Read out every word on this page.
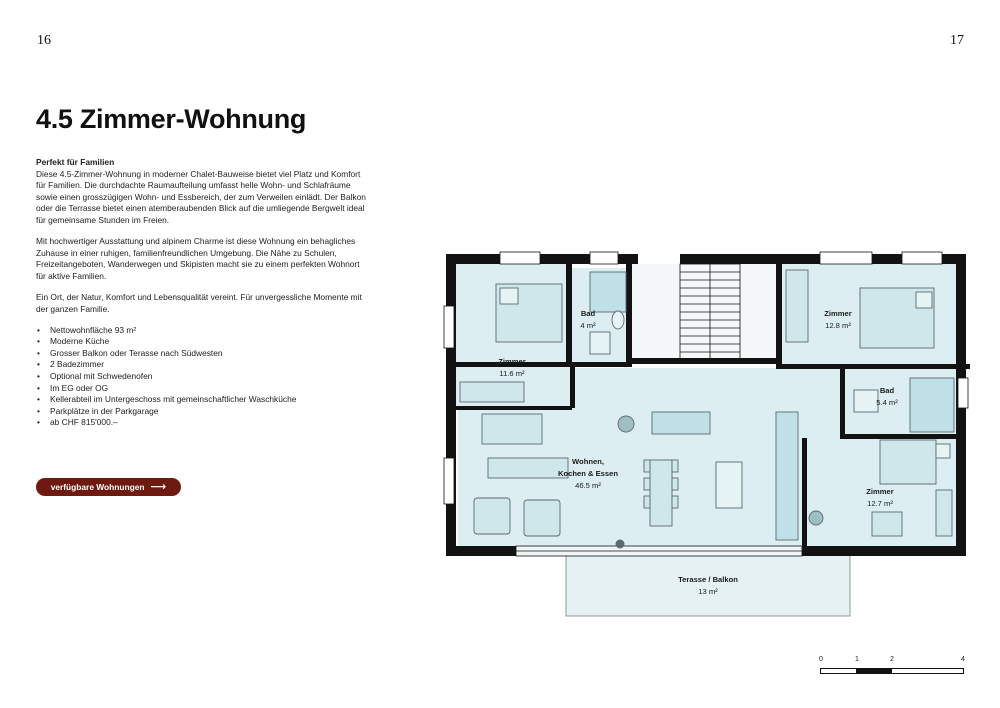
16	17
4.5 Zimmer-Wohnung
Perfekt für Familien

Diese 4.5-Zimmer-Wohnung in moderner Chalet-Bauweise bietet viel Platz und Komfort für Familien. Die durchdachte Raumaufteilung umfasst helle Wohn- und Schlafräume sowie einen grosszügigen Wohn- und Essbereich, der zum Verweilen einlädt. Der Balkon oder die Terrasse bietet einen atemberaubenden Blick auf die umliegende Bergwelt ideal für gemeinsame Stunden im Freien.

Mit hochwertiger Ausstattung und alpinem Charme ist diese Wohnung ein behagliches Zuhause in einer ruhigen, familienfreundlichen Umgebung. Die Nähe zu Schulen, Freizeitangeboten, Wanderwegen und Skipisten macht sie zu einem perfekten Wohnort für aktive Familien.

Ein Ort, der Natur, Komfort und Lebensqualität vereint. Für unvergessliche Momente mit der ganzen Familie.

• Nettowohnfläche 93 m²
• Moderne Küche
• Grosser Balkon oder Terasse nach Südwesten
• 2 Badezimmer
• Optional mit Schwedenofen
• Im EG oder OG
• Kellerabteil im Untergeschoss mit gemeinschaftlicher Waschküche
• Parkplätze in der Parkgarage
• ab CHF 815'000.–
verfügbare Wohnungen ⟶
Zimmer
11.6 m²
Bad
4 m²
Zimmer
12.8 m²
Bad
5.4 m²
Wohnen,
Kochen & Essen
46.5 m²
Zimmer
12.7 m²
Terasse / Balkon
13 m²
0	1	2	4
